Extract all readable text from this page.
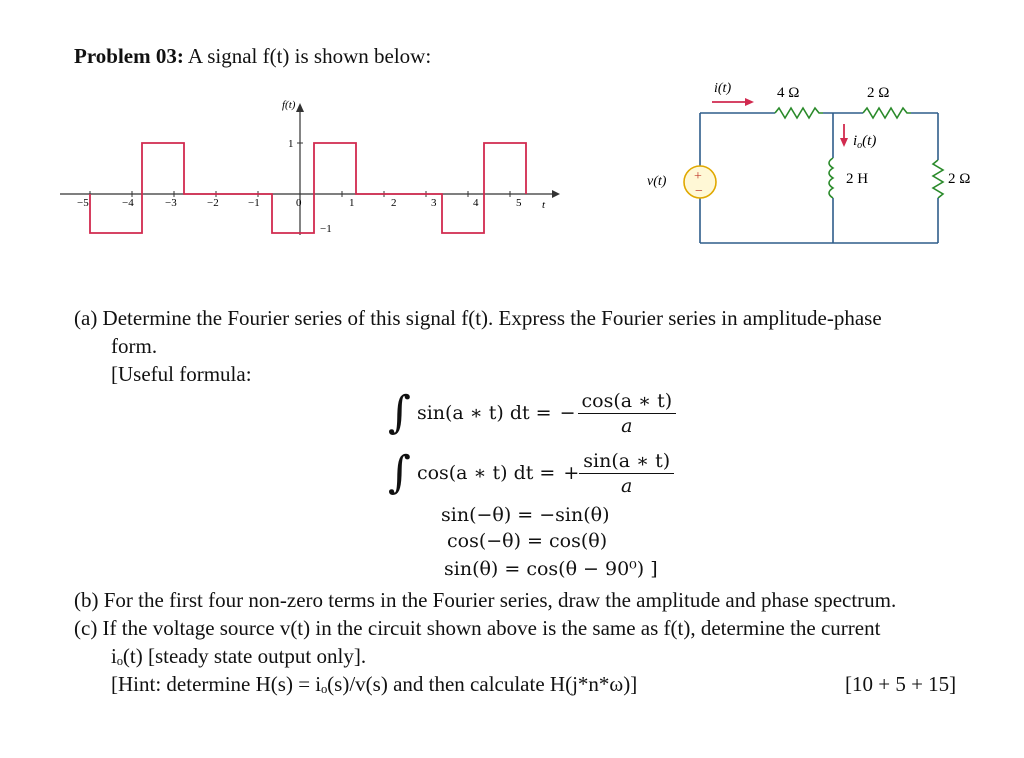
Problem 03: A signal f(t) is shown below:
f(t)
1
−1
−5	−4	−3	−2	−1	0	1	2	3	4	5 t
+
−
i(t)	4 Ω	2 Ω
$i_o(t)$
2 H	2 Ω
v(t)
(a) Determine the Fourier series of this signal f(t). Express the Fourier series in amplitude-phase
form.
[Useful formula:
∫ sin(a ∗ t) dt = − $\frac{\cos(a ∗ t)}{a}$
∫ cos(a ∗ t) dt = + $\frac{\sin(a ∗ t)}{a}$
sin(−θ) = −sin(θ)
cos(−θ) = cos(θ)
sin(θ) = cos(θ − 90⁰) ]
(b) For the first four non-zero terms in the Fourier series, draw the amplitude and phase spectrum.
(c) If the voltage source v(t) in the circuit shown above is the same as f(t), determine the current
iₒ(t) [steady state output only].
[Hint: determine H(s) = iₒ(s)/v(s) and then calculate H(j*n*ω)]	[10 + 5 + 15]
